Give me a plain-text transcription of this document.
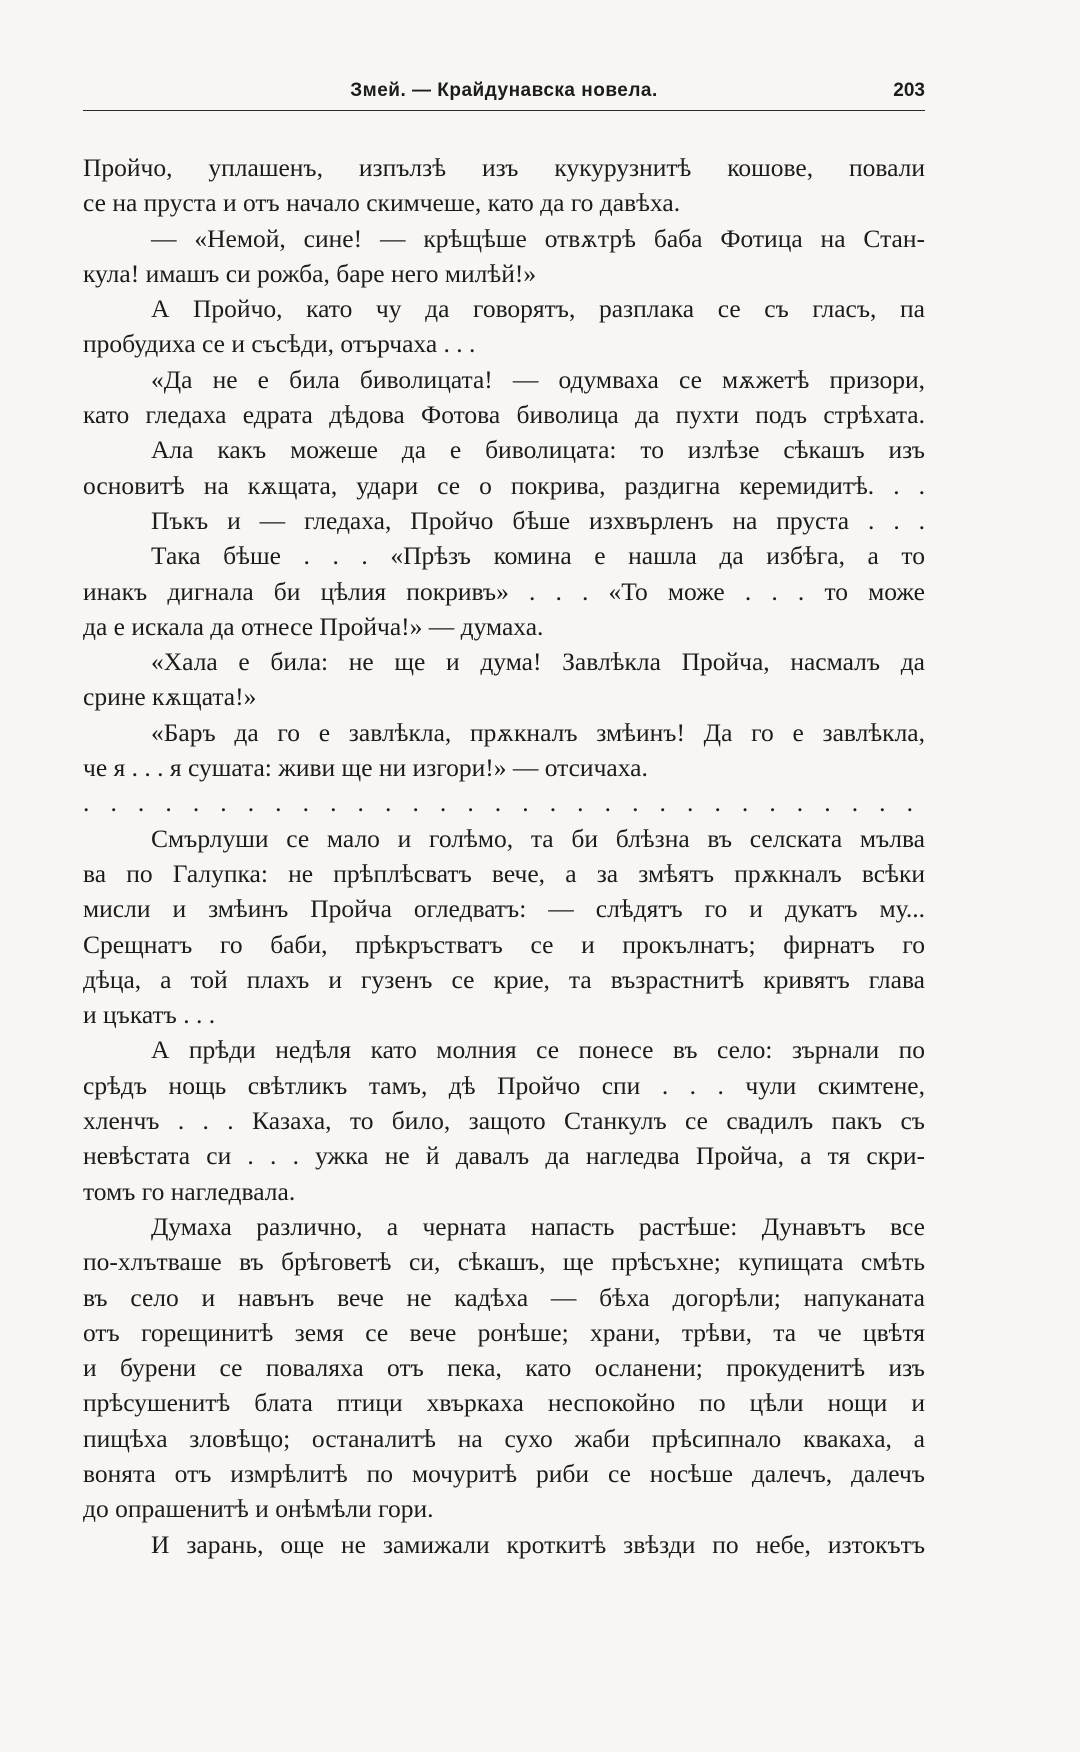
Змей. — Крайдунавска новела.	203
Пройчо, уплашенъ, изпълзѣ изъ кукурузнитѣ кошове, повали
се на пруста и отъ начало скимчеше, като да го давѣха.
— «Немой, сине! — крѣщѣше отвѫтрѣ баба Фотица на Стан-
кула! имашъ си рожба, баре него милѣй!»
А Пройчо, като чу да говорятъ, разплака се съ гласъ, па
пробудиха се и съсѣди, отърчаха . . .
«Да не е била биволицата! — одумваха се мѫжетѣ призори,
като гледаха едрата дѣдова Фотова биволица да пухти подъ стрѣхата.
Ала какъ можеше да е биволицата: то излѣзе сѣкашъ изъ
основитѣ на кѫщата, удари се о покрива, раздигна керемидитѣ. . .
Пъкъ и — гледаха, Пройчо бѣше изхвърленъ на пруста . . .
Така бѣше . . . «Прѣзъ комина е нашла да избѣга, а то
инакъ дигнала би цѣлия покривъ» . . . «То може . . . то може
да е искала да отнесе Пройча!» — думаха.
«Хала е била: не ще и дума! Завлѣкла Пройча, насмалъ да
срине кѫщата!»
«Баръ да го е завлѣкла, прѫкналъ змѣинъ! Да го е завлѣкла,
че я . . . я сушата: живи ще ни изгори!» — отсичаха.
. . . . . . . . . . . . . . . . . . . . . . . . . . . . . . .
Смърлуши се мало и голѣмо, та би блѣзна въ селската мълва
ва по Галупка: не прѣплѣсватъ вече, а за змѣятъ прѫкналъ всѣки
мисли и змѣинъ Пройча огледватъ: — слѣдятъ го и дукатъ му...
Срещнатъ го баби, прѣкръстватъ се и прокълнатъ; фирнатъ го
дѣца, а той плахъ и гузенъ се крие, та възрастнитѣ кривятъ глава
и цъкатъ . . .
А прѣди недѣля като молния се понесе въ село: зърнали по
срѣдъ нощь свѣтликъ тамъ, дѣ Пройчо спи . . . чули скимтене,
хленчъ . . . Казаха, то било, защото Станкулъ се свадилъ пакъ съ
невѣстата си . . . ужка не й давалъ да нагледва Пройча, а тя скри-
томъ го нагледвала.
Думаха различно, а черната напасть растѣше: Дунавътъ все
по-хлътваше въ брѣговетѣ си, сѣкашъ, ще прѣсъхне; купищата смѣть
въ село и навънъ вече не кадѣха — бѣха догорѣли; напуканата
отъ горещинитѣ земя се вече ронѣше; храни, трѣви, та че цвѣтя
и бурени се поваляха отъ пека, като осланени; прокуденитѣ изъ
прѣсушенитѣ блата птици хвъркаха неспокойно по цѣли нощи и
пищѣха зловѣщо; останалитѣ на сухо жаби прѣсипнало квакаха, а
вонята отъ измрѣлитѣ по мочуритѣ риби се носѣше далечъ, далечъ
до опрашенитѣ и онѣмѣли гори.
И зарань, още не замижали кроткитѣ звѣзди по небе, изтокътъ
